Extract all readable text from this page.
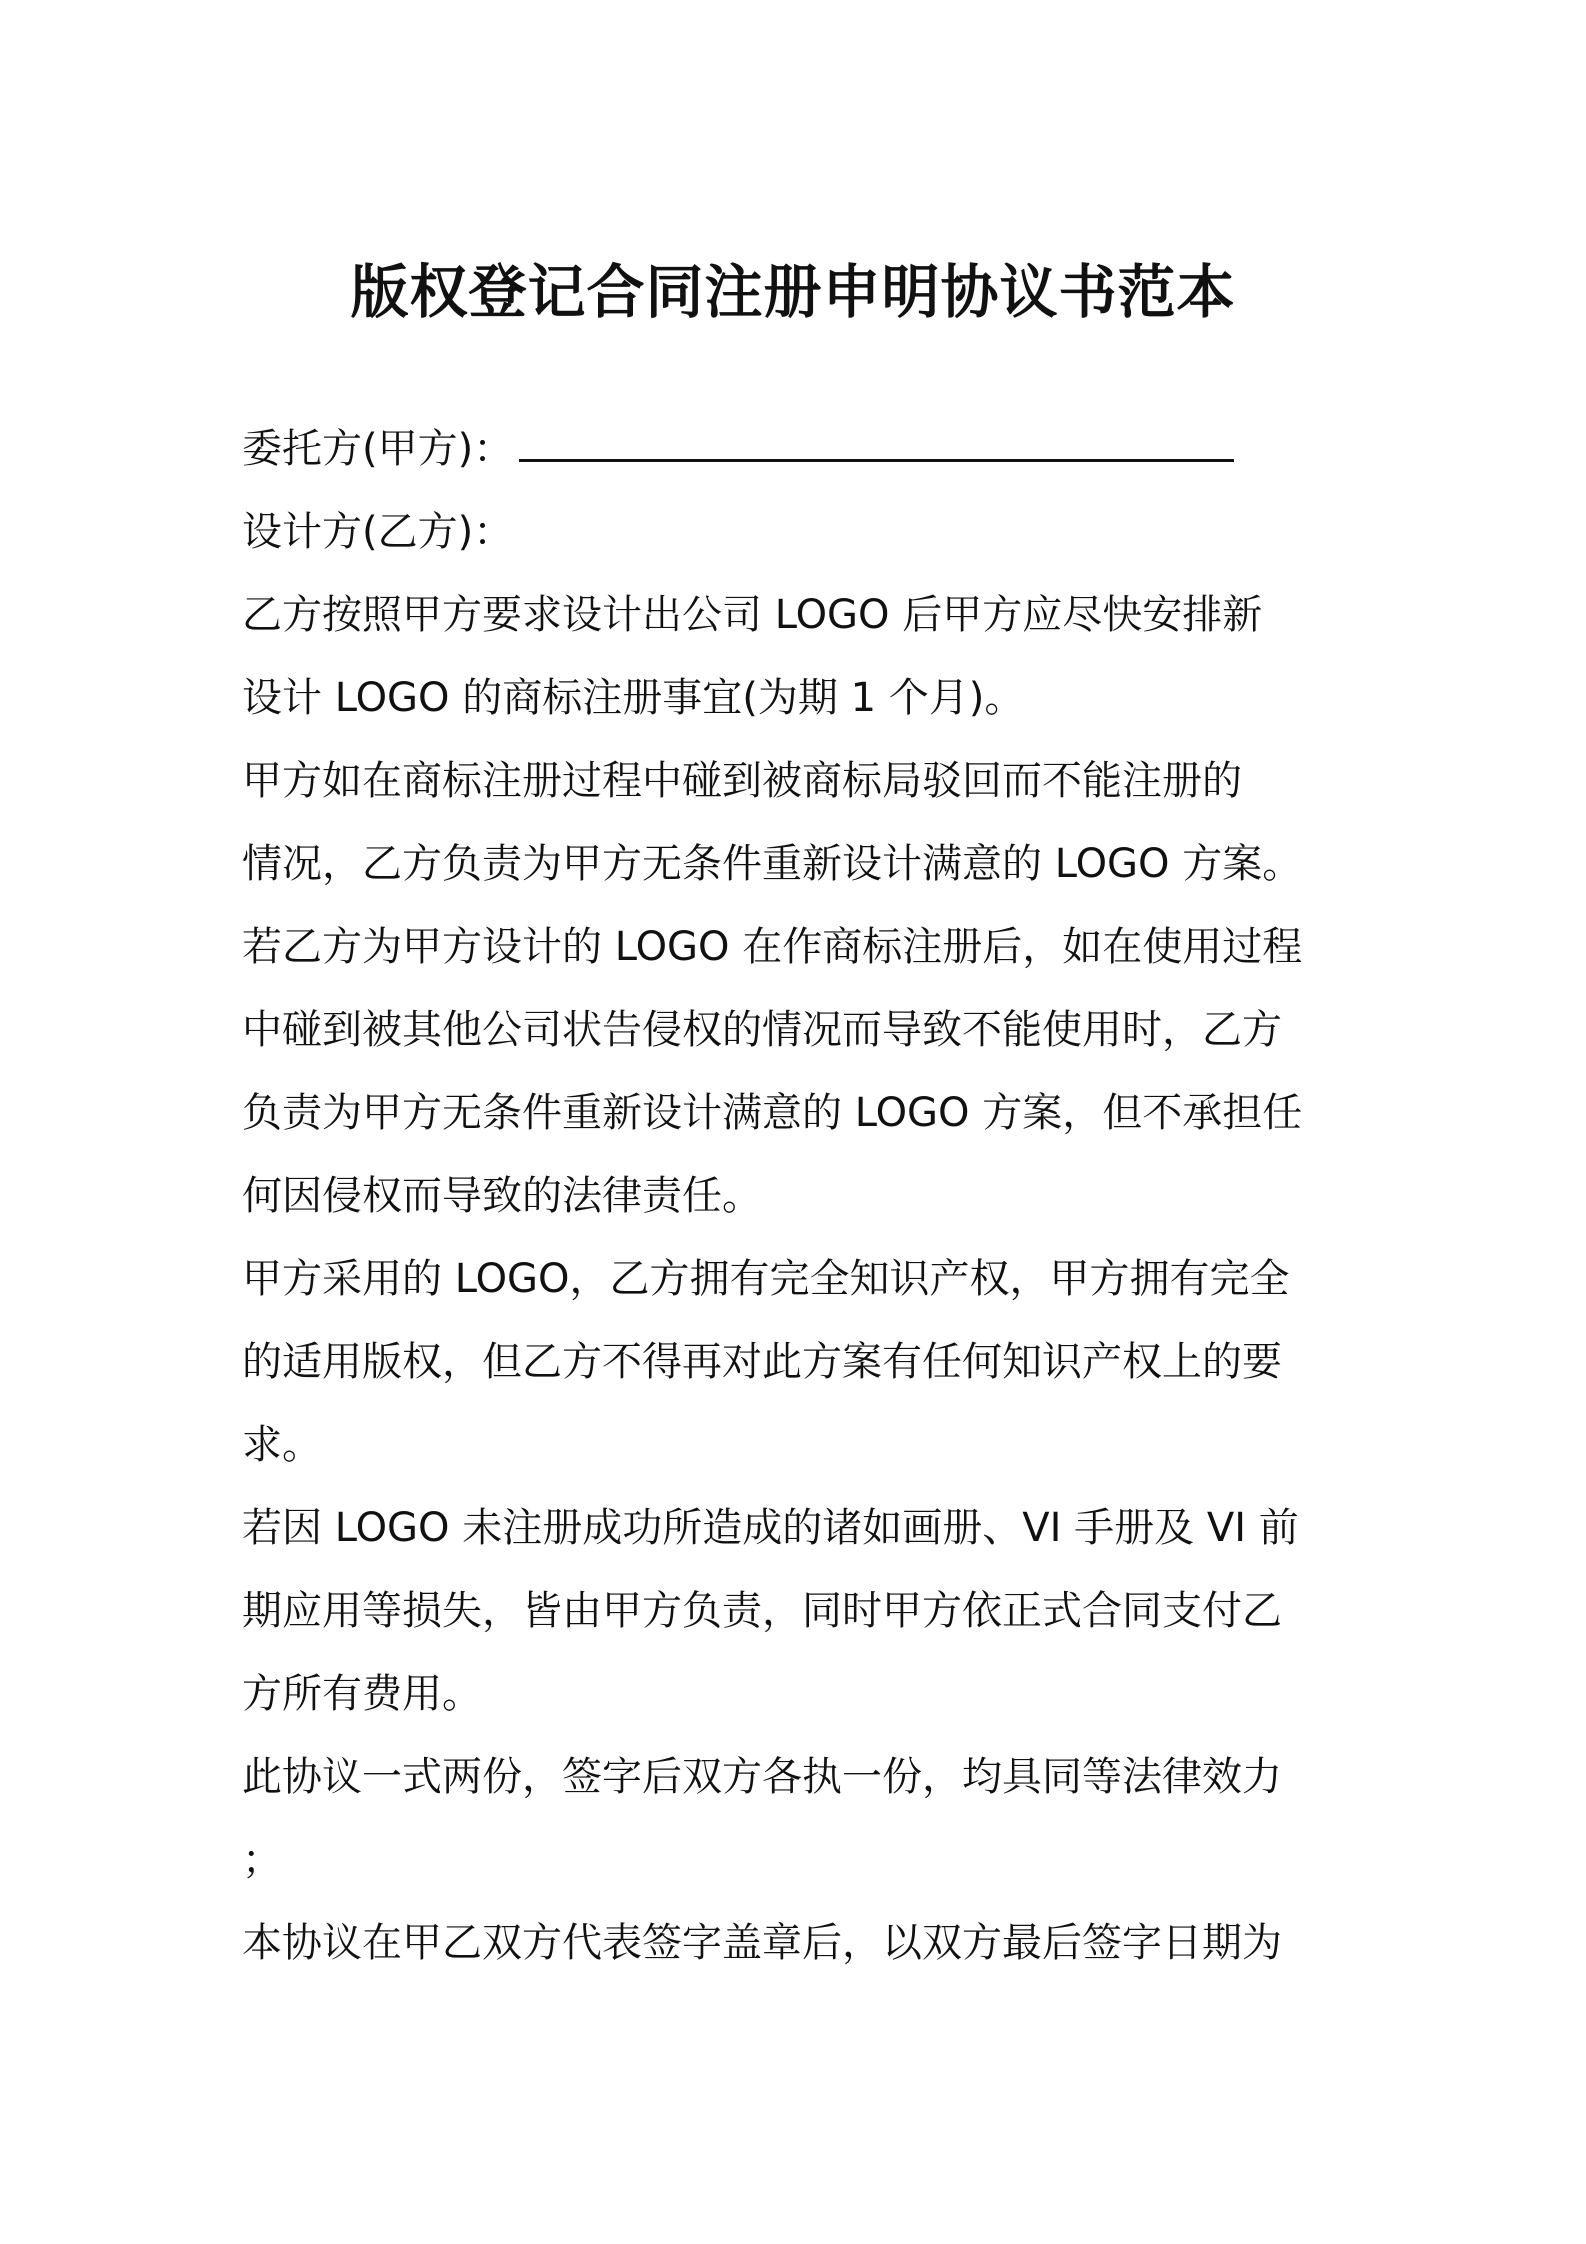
版权登记合同注册申明协议书范本
委托方(甲方)：
设计方(乙方)：
乙方按照甲方要求设计出公司 LOGO 后甲方应尽快安排新
设计 LOGO 的商标注册事宜(为期 1 个月)。
甲方如在商标注册过程中碰到被商标局驳回而不能注册的
情况，乙方负责为甲方无条件重新设计满意的 LOGO 方案。
若乙方为甲方设计的 LOGO 在作商标注册后，如在使用过程
中碰到被其他公司状告侵权的情况而导致不能使用时，乙方
负责为甲方无条件重新设计满意的 LOGO 方案，但不承担任
何因侵权而导致的法律责任。
甲方采用的 LOGO，乙方拥有完全知识产权，甲方拥有完全
的适用版权，但乙方不得再对此方案有任何知识产权上的要
求。
若因 LOGO 未注册成功所造成的诸如画册、VI 手册及 VI 前
期应用等损失，皆由甲方负责，同时甲方依正式合同支付乙
方所有费用。
此协议一式两份，签字后双方各执一份，均具同等法律效力
；
本协议在甲乙双方代表签字盖章后，以双方最后签字日期为
